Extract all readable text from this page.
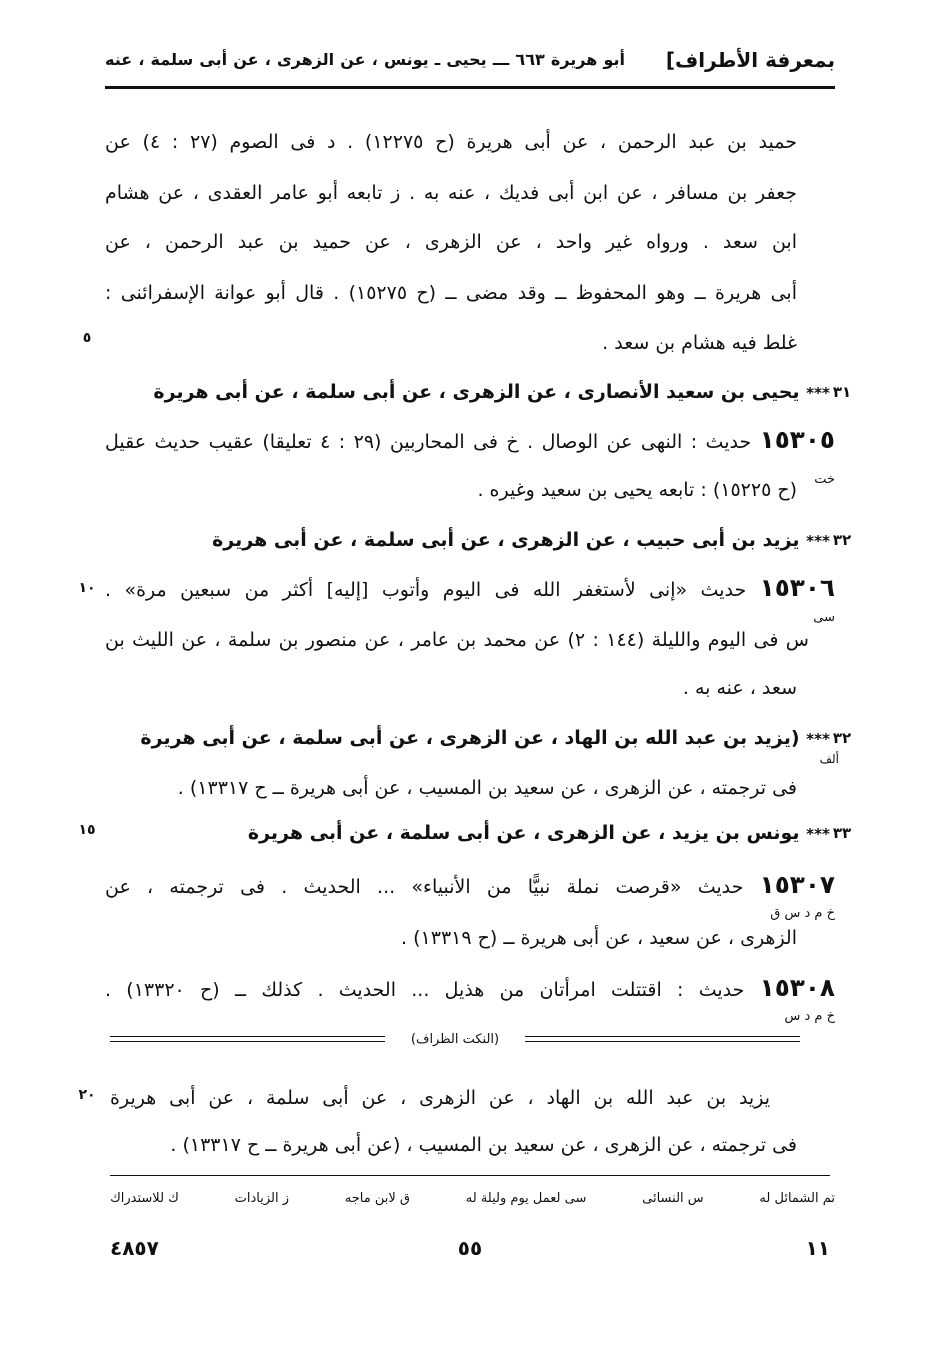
بمعرفة الأطراف]
أبو هريرة ٦٦٣ ـــ يحيى ـ يونس ، عن الزهرى ، عن أبى سلمة ، عنه
حميد بن عبد الرحمن ، عن أبى هريرة (ح ١٢٢٧٥) . د فى الصوم (٢٧ : ٤) عن
جعفر بن مسافر ، عن ابن أبى فديك ، عنه به . ز تابعه أبو عامر العقدى ، عن هشام
ابن سعد . ورواه غير واحد ، عن الزهرى ، عن حميد بن عبد الرحمن ، عن
أبى هريرة ــ وهو المحفوظ ــ وقد مضى ــ (ح ١٥٢٧٥) . قال أبو عوانة الإسفرائنى :
غلط فيه هشام بن سعد .
٥
٣١
*** يحيى بن سعيد الأنصارى ، عن الزهرى ، عن أبى سلمة ، عن أبى هريرة
١٥٣٠٥ حديث : النهى عن الوصال . خ فى المحاربين (٢٩ : ٤ تعليقا) عقيب حديث عقيل
خت
(ح ١٥٢٢٥) : تابعه يحيى بن سعيد وغيره .
٣٢
*** يزيد بن أبى حبيب ، عن الزهرى ، عن أبى سلمة ، عن أبى هريرة
١٥٣٠٦ حديث «إنى لأستغفر الله فى اليوم وأتوب [إليه] أكثر من سبعين مرة» .
١٠
سى
س فى اليوم والليلة (١٤٤ : ٢) عن محمد بن عامر ، عن منصور بن سلمة ، عن الليث بن
سعد ، عنه به .
٣٢
ألف
*** (يزيد بن عبد الله بن الهاد ، عن الزهرى ، عن أبى سلمة ، عن أبى هريرة
فى ترجمته ، عن الزهرى ، عن سعيد بن المسيب ، عن أبى هريرة ــ ح ١٣٣١٧) .
٣٣
*** يونس بن يزيد ، عن الزهرى ، عن أبى سلمة ، عن أبى هريرة
١٥
١٥٣٠٧ حديث «قرصت نملة نبيًّا من الأنبياء» ... الحديث . فى ترجمته ، عن
خ م د س ق
الزهرى ، عن سعيد ، عن أبى هريرة ــ (ح ١٣٣١٩) .
١٥٣٠٨ حديث : اقتتلت امرأتان من هذيل ... الحديث . كذلك ــ (ح ١٣٣٢٠) .
خ م د س
(النكت الظراف)
يزيد بن عبد الله بن الهاد ، عن الزهرى ، عن أبى سلمة ، عن أبى هريرة
٢٠
فى ترجمته ، عن الزهرى ، عن سعيد بن المسيب ، (عن أبى هريرة ــ ح ١٣٣١٧) .
تم الشمائل له
س النسائى
سى لعمل يوم وليلة له
ق لابن ماجه
ز الزيادات
ك للاستدراك
١١
٥٥
٤٨٥٧
